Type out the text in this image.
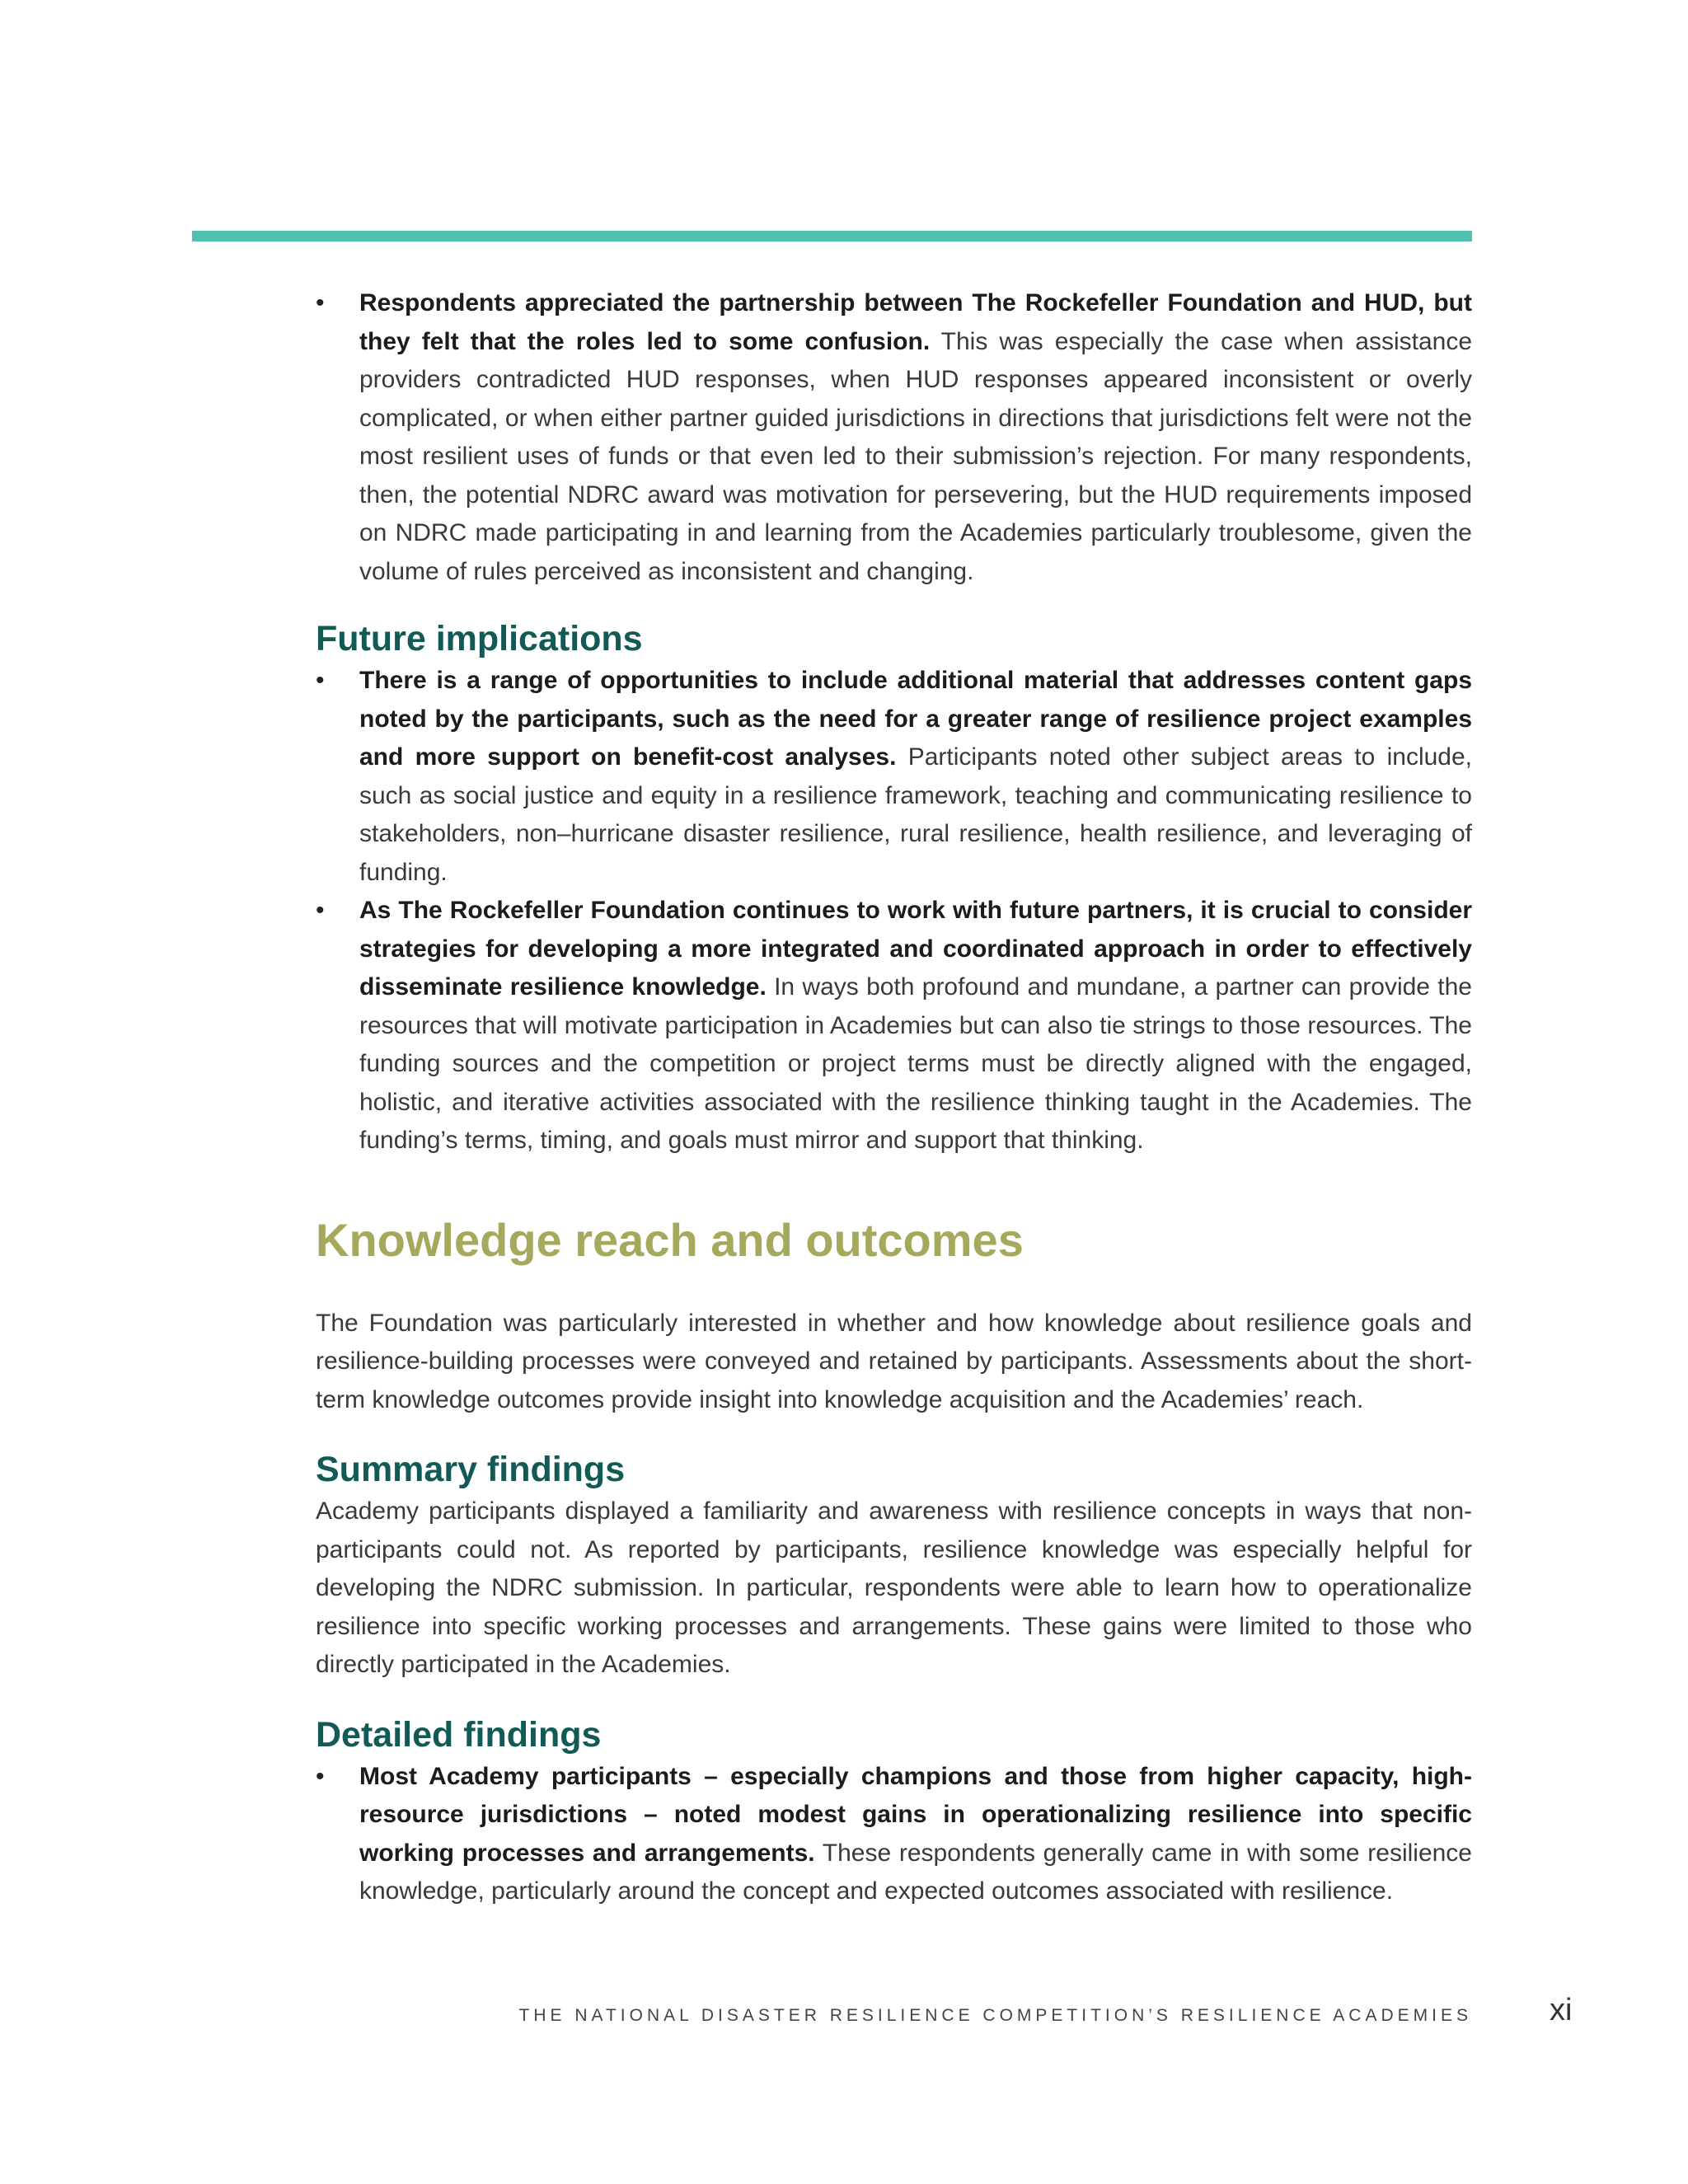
• Respondents appreciated the partnership between The Rockefeller Foundation and HUD, but they felt that the roles led to some confusion. This was especially the case when assistance providers contradicted HUD responses, when HUD responses appeared inconsistent or overly complicated, or when either partner guided jurisdictions in directions that jurisdictions felt were not the most resilient uses of funds or that even led to their submission’s rejection. For many respondents, then, the potential NDRC award was motivation for persevering, but the HUD requirements imposed on NDRC made participating in and learning from the Academies particularly troublesome, given the volume of rules perceived as inconsistent and changing.
Future implications
• There is a range of opportunities to include additional material that addresses content gaps noted by the participants, such as the need for a greater range of resilience project examples and more support on benefit-cost analyses. Participants noted other subject areas to include, such as social justice and equity in a resilience framework, teaching and communicating resilience to stakeholders, non–hurricane disaster resilience, rural resilience, health resilience, and leveraging of funding.
• As The Rockefeller Foundation continues to work with future partners, it is crucial to consider strategies for developing a more integrated and coordinated approach in order to effectively disseminate resilience knowledge. In ways both profound and mundane, a partner can provide the resources that will motivate participation in Academies but can also tie strings to those resources. The funding sources and the competition or project terms must be directly aligned with the engaged, holistic, and iterative activities associated with the resilience thinking taught in the Academies. The funding’s terms, timing, and goals must mirror and support that thinking.
Knowledge reach and outcomes

The Foundation was particularly interested in whether and how knowledge about resilience goals and resilience-building processes were conveyed and retained by participants. Assessments about the short-term knowledge outcomes provide insight into knowledge acquisition and the Academies’ reach.

Summary findings

Academy participants displayed a familiarity and awareness with resilience concepts in ways that non-participants could not. As reported by participants, resilience knowledge was especially helpful for developing the NDRC submission. In particular, respondents were able to learn how to operationalize resilience into specific working processes and arrangements. These gains were limited to those who directly participated in the Academies.

Detailed findings
• Most Academy participants – especially champions and those from higher capacity, high-resource jurisdictions – noted modest gains in operationalizing resilience into specific working processes and arrangements. These respondents generally came in with some resilience knowledge, particularly around the concept and expected outcomes associated with resilience.
THE NATIONAL DISASTER RESILIENCE COMPETITION’S RESILIENCE ACADEMIES xi
